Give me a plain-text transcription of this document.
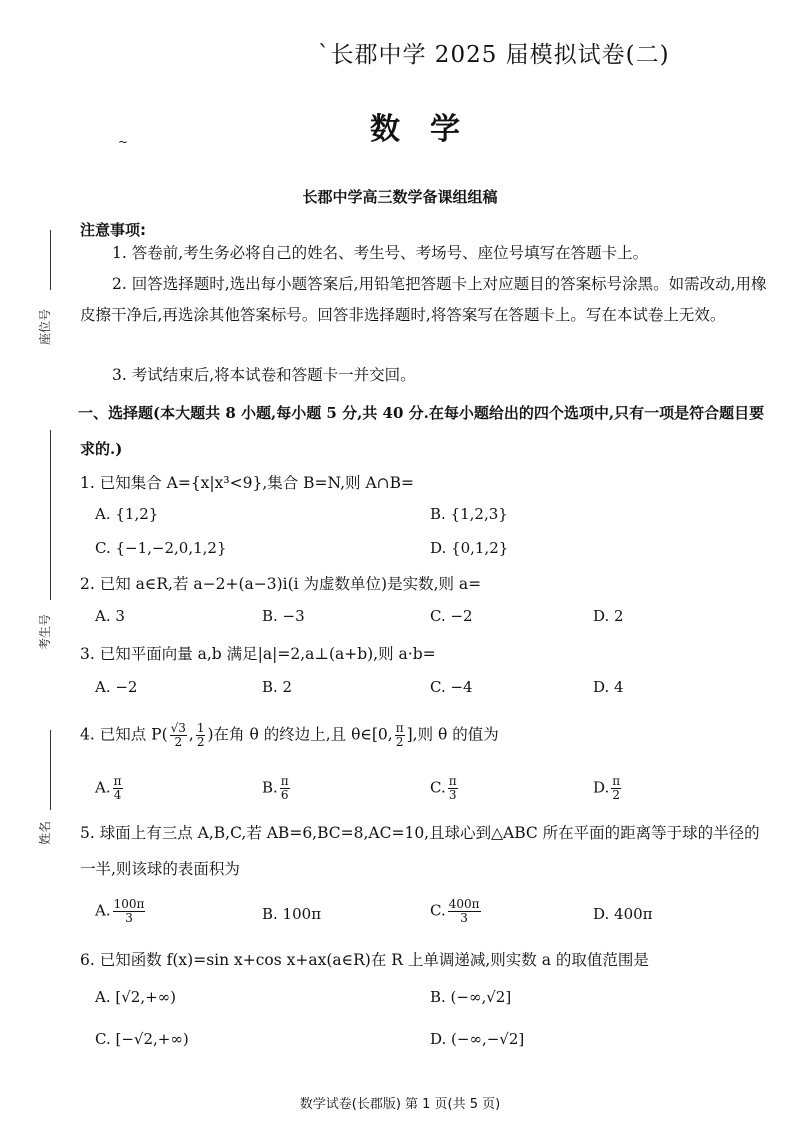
`长郡中学 2025 届模拟试卷(二)
数学
~
长郡中学高三数学备课组组稿
座位号
考生号
姓名
注意事项:
1. 答卷前,考生务必将自己的姓名、考生号、考场号、座位号填写在答题卡上。
2. 回答选择题时,选出每小题答案后,用铅笔把答题卡上对应题目的答案标号涂黑。如需改动,用橡皮擦干净后,再选涂其他答案标号。回答非选择题时,将答案写在答题卡上。写在本试卷上无效。
3. 考试结束后,将本试卷和答题卡一并交回。
一、选择题(本大题共 8 小题,每小题 5 分,共 40 分.在每小题给出的四个选项中,只有一项是符合题目要求的.)
1. 已知集合 A={x|x³<9},集合 B=N,则 A∩B=
A. {1,2}	B. {1,2,3}
C. {−1,−2,0,1,2}	D. {0,1,2}
2. 已知 a∈R,若 a−2+(a−3)i(i 为虚数单位)是实数,则 a=
A. 3	B. −3	C. −2	D. 2
3. 已知平面向量 a,b 满足|a|=2,a⊥(a+b),则 a·b=
A. −2	B. 2	C. −4	D. 4
4. 已知点 $P( \frac{√3}{2}$ , $\frac{1}{2}$ )在角 θ 的终边上,且 θ∈[0, $\frac{\pi}{2}$ ],则 θ 的值为
A. $\frac{\pi}{4}$	B. $\frac{\pi}{6}$	C. $\frac{\pi}{3}$	D. $\frac{\pi}{2}$
5. 球面上有三点 A,B,C,若 AB=6,BC=8,AC=10,且球心到△ABC 所在平面的距离等于球的半径的一半,则该球的表面积为
A. $\frac{100\pi}{3}$	B. 100π	C. $\frac{400\pi}{3}$	D. 400π
6. 已知函数 f(x)=sin x+cos x+ax(a∈R)在 R 上单调递减,则实数 a 的取值范围是
A. [√2,+∞)	B. (−∞,√2]
C. [−√2,+∞)	D. (−∞,−√2]
数学试卷(长郡版) 第 1 页(共 5 页)
